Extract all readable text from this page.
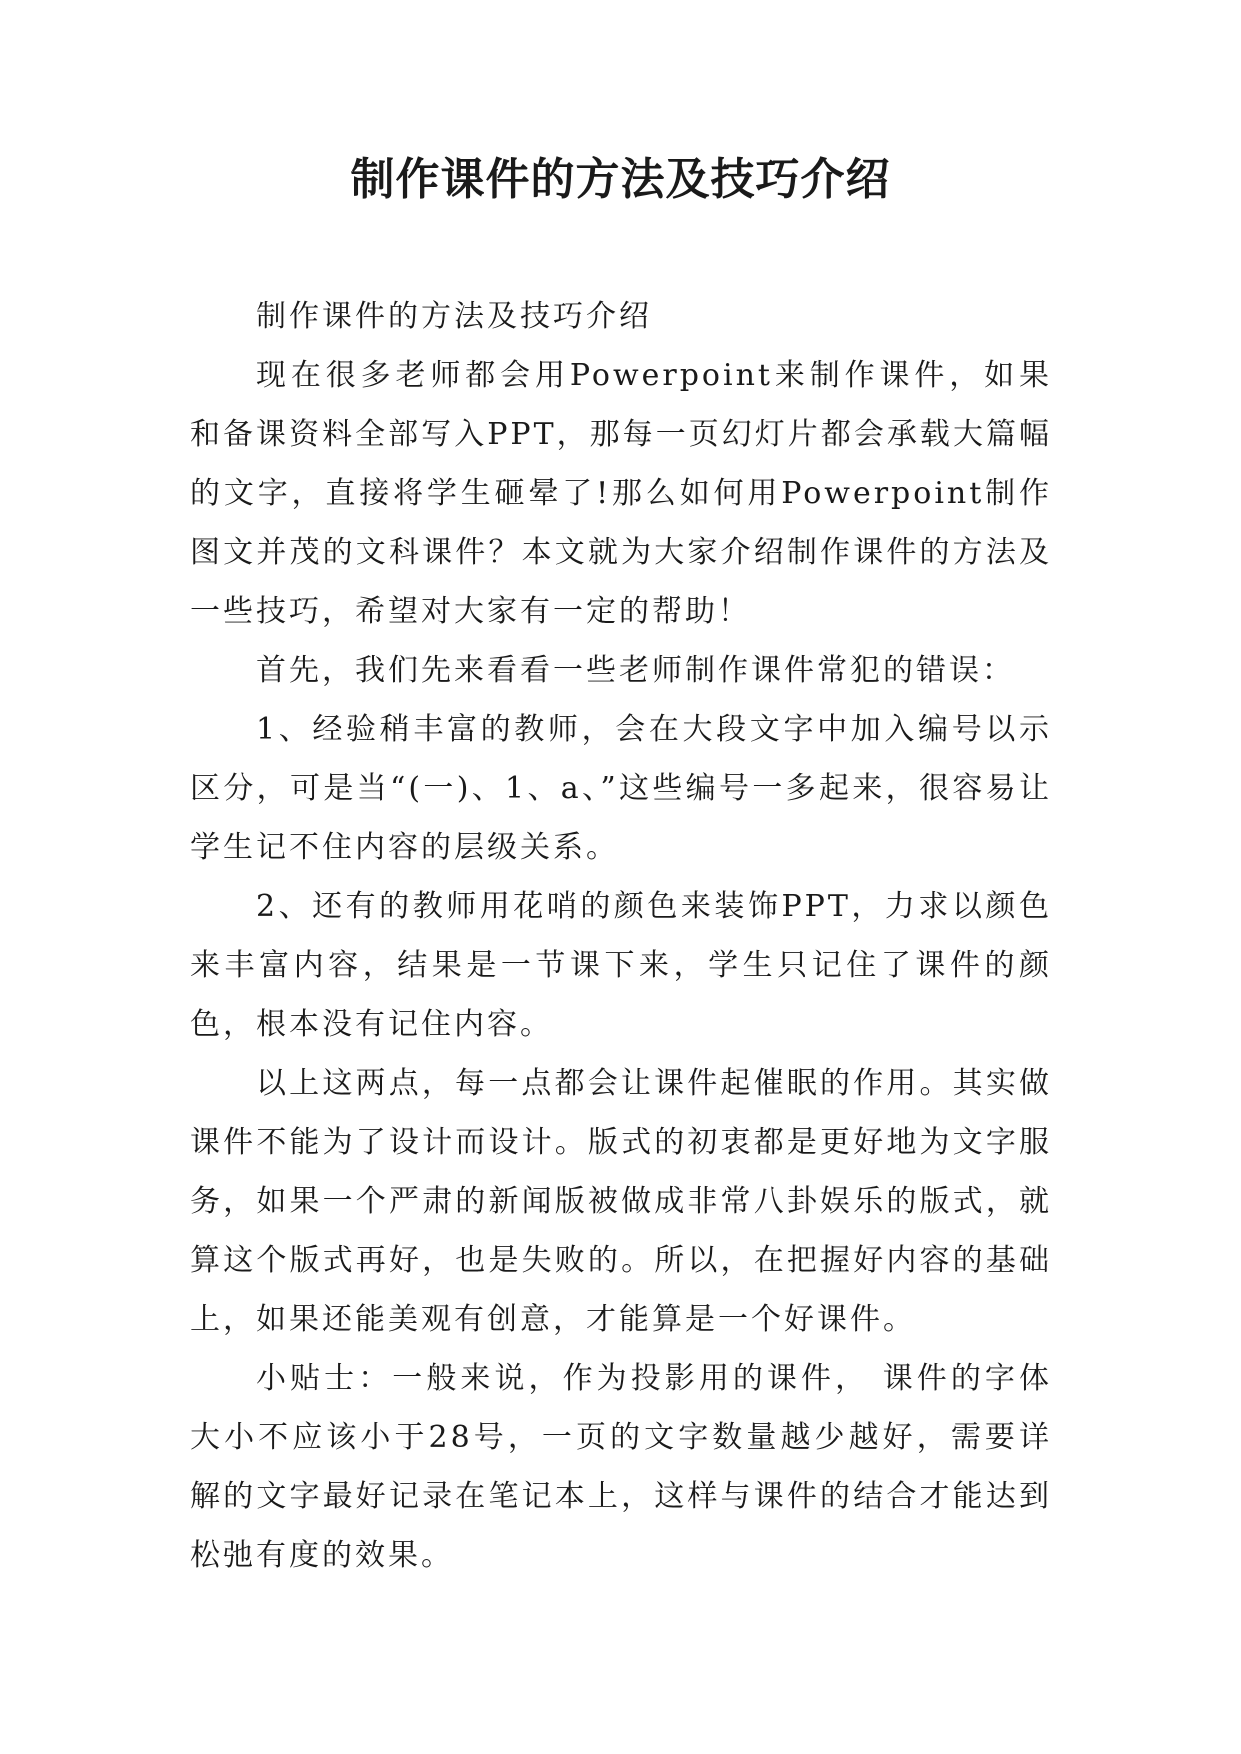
制作课件的方法及技巧介绍

制作课件的方法及技巧介绍

现在很多老师都会用Powerpoint来制作课件，如果和备课资料全部写入PPT，那每一页幻灯片都会承载大篇幅的文字，直接将学生砸晕了!那么如何用Powerpoint制作图文并茂的文科课件？本文就为大家介绍制作课件的方法及一些技巧，希望对大家有一定的帮助！

首先，我们先来看看一些老师制作课件常犯的错误：

1、经验稍丰富的教师，会在大段文字中加入编号以示区分，可是当“(一)、1、a、”这些编号一多起来，很容易让学生记不住内容的层级关系。

2、还有的教师用花哨的颜色来装饰PPT，力求以颜色来丰富内容，结果是一节课下来，学生只记住了课件的颜色，根本没有记住内容。

以上这两点，每一点都会让课件起催眠的作用。其实做课件不能为了设计而设计。版式的初衷都是更好地为文字服务，如果一个严肃的新闻版被做成非常八卦娱乐的版式，就算这个版式再好，也是失败的。所以，在把握好内容的基础上，如果还能美观有创意，才能算是一个好课件。

小贴士：一般来说，作为投影用的课件， 课件的字体大小不应该小于28号，一页的文字数量越少越好，需要详解的文字最好记录在笔记本上，这样与课件的结合才能达到松弛有度的效果。
